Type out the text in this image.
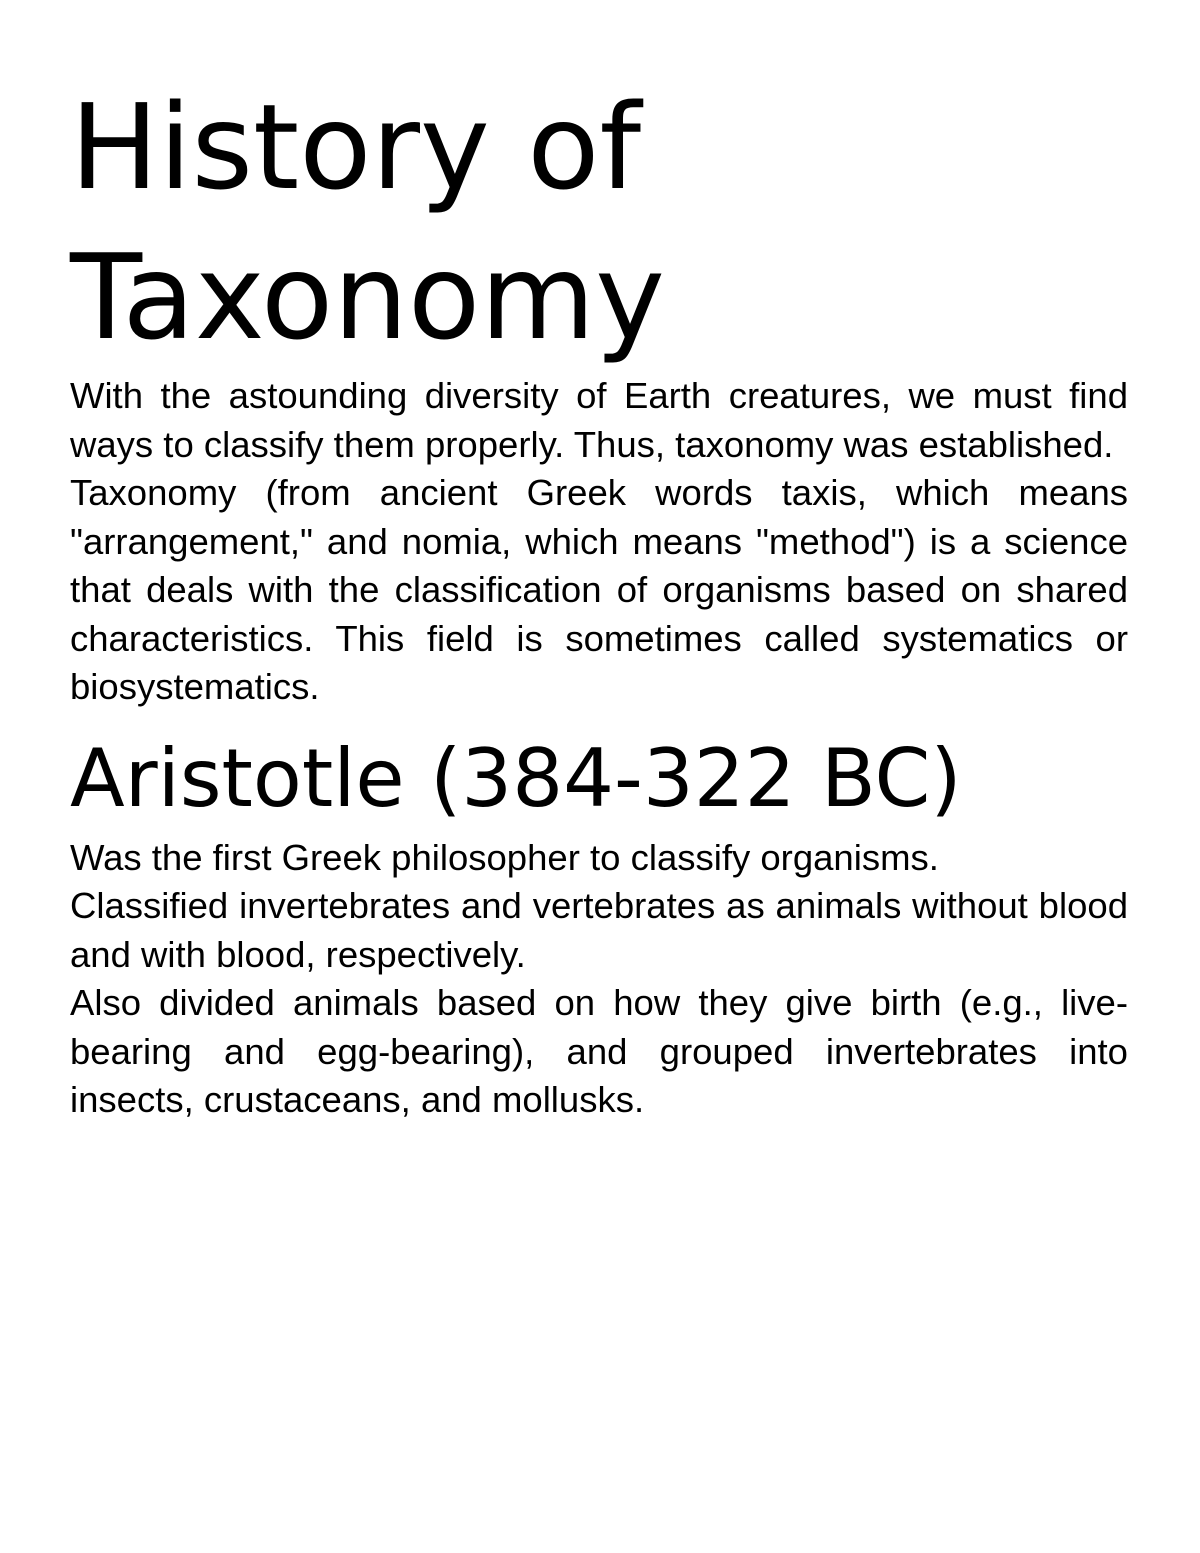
History of
Taxonomy

With the astounding diversity of Earth creatures, we must find ways to classify them properly. Thus, taxonomy was established.

Taxonomy (from ancient Greek words taxis, which means "arrangement," and nomia, which means "method") is a science that deals with the classification of organisms based on shared characteristics. This field is sometimes called systematics or biosystematics.

Aristotle (384-322 BC)

Was the first Greek philosopher to classify organisms.

Classified invertebrates and vertebrates as animals without blood and with blood, respectively.

Also divided animals based on how they give birth (e.g., live-bearing and egg-bearing), and grouped invertebrates into insects, crustaceans, and mollusks.
